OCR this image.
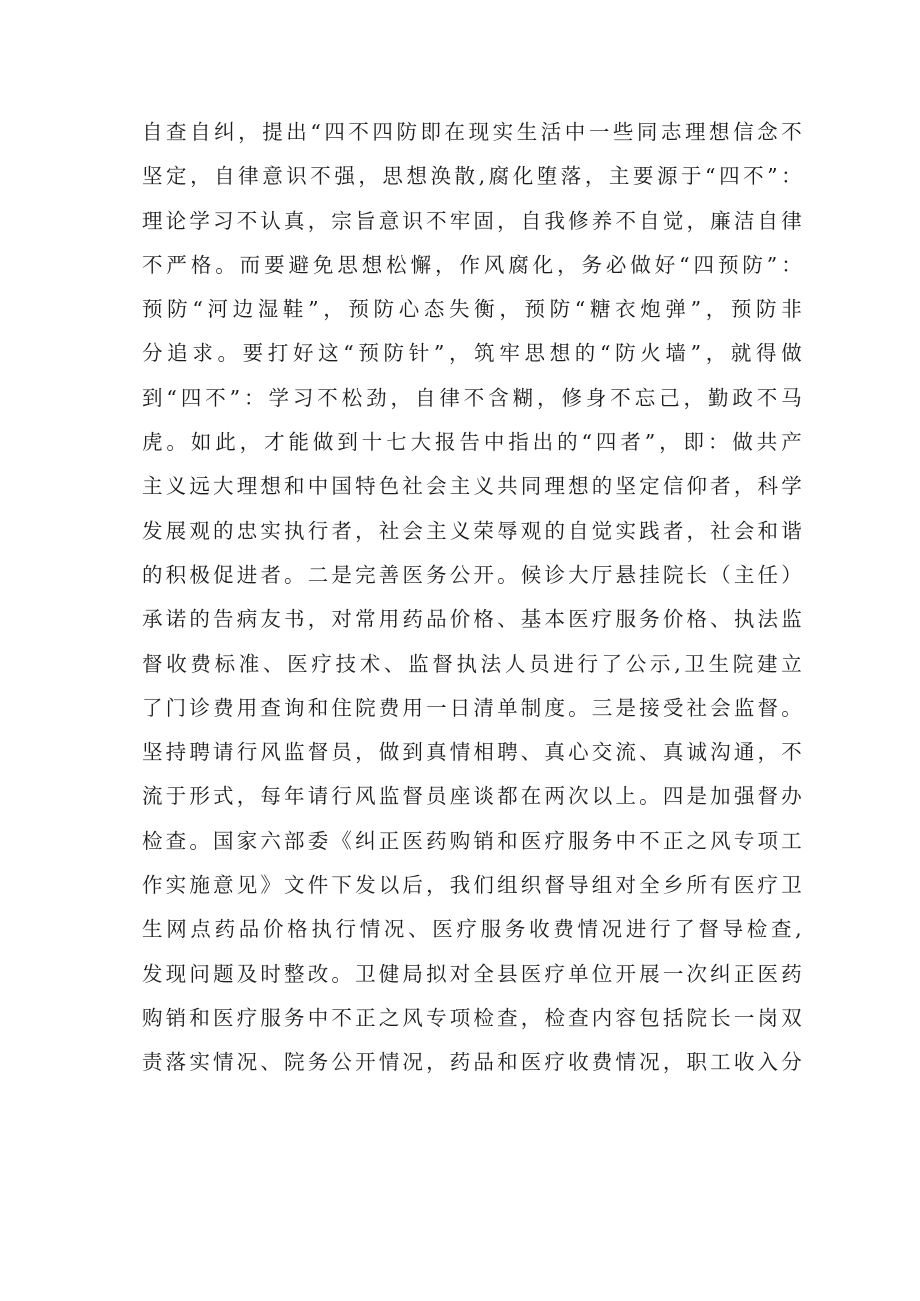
自查自纠，提出“四不四防即在现实生活中一些同志理想信念不
坚定，自律意识不强，思想涣散,腐化堕落，主要源于“四不”：
理论学习不认真，宗旨意识不牢固，自我修养不自觉，廉洁自律
不严格。而要避免思想松懈，作风腐化，务必做好“四预防”：
预防“河边湿鞋”，预防心态失衡，预防“糖衣炮弹”，预防非
分追求。要打好这“预防针”，筑牢思想的“防火墙”，就得做
到“四不”：学习不松劲，自律不含糊，修身不忘己，勤政不马
虎。如此，才能做到十七大报告中指出的“四者”，即：做共产
主义远大理想和中国特色社会主义共同理想的坚定信仰者，科学
发展观的忠实执行者，社会主义荣辱观的自觉实践者，社会和谐
的积极促进者。二是完善医务公开。候诊大厅悬挂院长（主任）
承诺的告病友书，对常用药品价格、基本医疗服务价格、执法监
督收费标准、医疗技术、监督执法人员进行了公示,卫生院建立
了门诊费用查询和住院费用一日清单制度。三是接受社会监督。
坚持聘请行风监督员，做到真情相聘、真心交流、真诚沟通，不
流于形式，每年请行风监督员座谈都在两次以上。四是加强督办
检查。国家六部委《纠正医药购销和医疗服务中不正之风专项工
作实施意见》文件下发以后，我们组织督导组对全乡所有医疗卫
生网点药品价格执行情况、医疗服务收费情况进行了督导检查,
发现问题及时整改。卫健局拟对全县医疗单位开展一次纠正医药
购销和医疗服务中不正之风专项检查，检查内容包括院长一岗双
责落实情况、院务公开情况，药品和医疗收费情况，职工收入分
